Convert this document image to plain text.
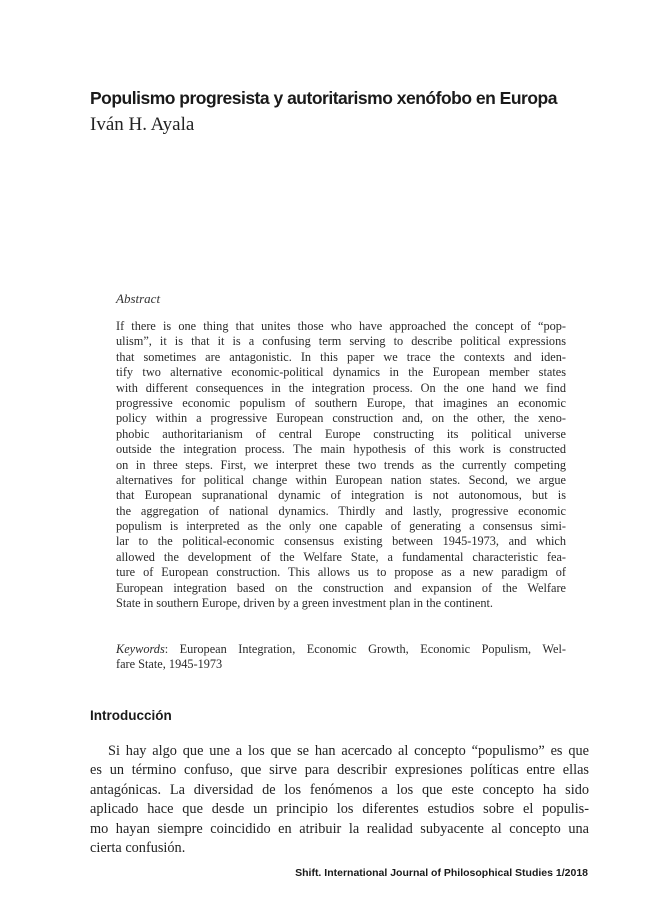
Populismo progresista y autoritarismo xenófobo en Europa

Iván H. Ayala

Abstract

If there is one thing that unites those who have approached the concept of “pop-
ulism”, it is that it is a confusing term serving to describe political expressions
that sometimes are antagonistic. In this paper we trace the contexts and iden-
tify two alternative economic-political dynamics in the European member states
with different consequences in the integration process. On the one hand we find
progressive economic populism of southern Europe, that imagines an economic
policy within a progressive European construction and, on the other, the xeno-
phobic authoritarianism of central Europe constructing its political universe
outside the integration process. The main hypothesis of this work is constructed
on in three steps. First, we interpret these two trends as the currently competing
alternatives for political change within European nation states. Second, we argue
that European supranational dynamic of integration is not autonomous, but is
the aggregation of national dynamics. Thirdly and lastly, progressive economic
populism is interpreted as the only one capable of generating a consensus simi-
lar to the political-economic consensus existing between 1945-1973, and which
allowed the development of the Welfare State, a fundamental characteristic fea-
ture of European construction. This allows us to propose as a new paradigm of
European integration based on the construction and expansion of the Welfare
State in southern Europe, driven by a green investment plan in the continent.
Keywords: European Integration, Economic Growth, Economic Populism, Wel-
fare State, 1945-1973
Introducción
Si hay algo que une a los que se han acercado al concepto “populismo” es que
es un término confuso, que sirve para describir expresiones políticas entre ellas
antagónicas. La diversidad de los fenómenos a los que este concepto ha sido
aplicado hace que desde un principio los diferentes estudios sobre el populis-
mo hayan siempre coincidido en atribuir la realidad subyacente al concepto una
cierta confusión.

Shift. International Journal of Philosophical Studies 1/2018
